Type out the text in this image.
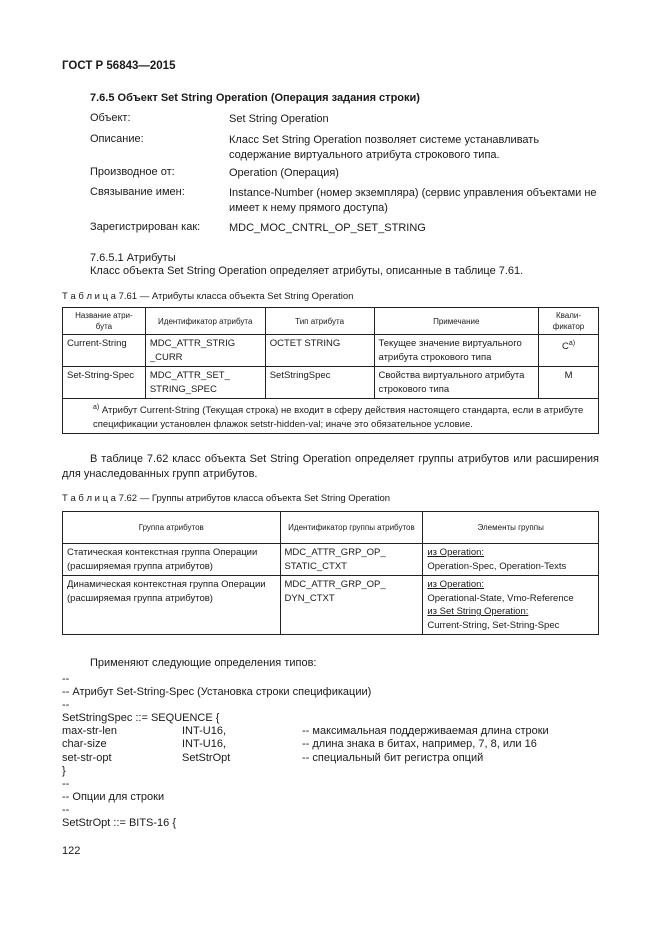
ГОСТ Р 56843—2015
7.6.5 Объект Set String Operation (Операция задания строки)
Объект:	Set String Operation
Описание:	Класс Set String Operation позволяет системе устанавливать содержание виртуального атрибута строкового типа.
Производное от:	Operation (Операция)
Связывание имен:	Instance-Number (номер экземпляра) (сервис управления объектами не имеет к нему прямого доступа)
Зарегистрирован как:	MDC_MOC_CNTRL_OP_SET_STRING
7.6.5.1 Атрибуты
Класс объекта Set String Operation определяет атрибуты, описанные в таблице 7.61.
Т а б л и ц а 7.61 — Атрибуты класса объекта Set String Operation
Название атри-бута	Идентификатор атрибута	Тип атрибута	Примечание	Квали-фикатор
Current-String	MDC_ATTR_STRIG _CURR	OCTET STRING	Текущее значение виртуального атрибута строкового типа	$C^{a)}$
Set-String-Spec	MDC_ATTR_SET_ STRING_SPEC	SetStringSpec	Свойства виртуального атрибута строкового типа	M
$^{a)}$ Атрибут Current-String (Текущая строка) не входит в сферу действия настоящего стандарта, если в атрибуте спецификации установлен флажок setstr-hidden-val; иначе это обязательное условие.				
В таблице 7.62 класс объекта Set String Operation определяет группы атрибутов или расширения для унаследованных групп атрибутов.
Т а б л и ц а 7.62 — Группы атрибутов класса объекта Set String Operation
Группа атрибутов	Идентификатор группы атрибутов	Элементы группы
Статическая контекстная группа Операции (расширяемая группа атрибутов)	MDC_ATTR_GRP_OP_ STATIC_CTXT	из Operation:
Operation-Spec, Operation-Texts

Динамическая контекстная группа Операции (расширяемая группа атрибутов)	MDC_ATTR_GRP_OP_ DYN_CTXT	из Operation:
Operational-State, Vmo-Reference
из Set String Operation:
Current-String, Set-String-Spec
Применяют следующие определения типов:
--
-- Атрибут Set-String-Spec (Установка строки спецификации)
--
SetStringSpec ::= SEQUENCE {
max-str-len		INT-U16,		-- максимальная поддерживаемая длина строки
char-size		INT-U16,		-- длина знака в битах, например, 7, 8, или 16
set-str-opt		SetStrOpt		-- специальный бит регистра опций
}
--
-- Опции для строки
--
SetStrOpt ::= BITS-16 {
122
